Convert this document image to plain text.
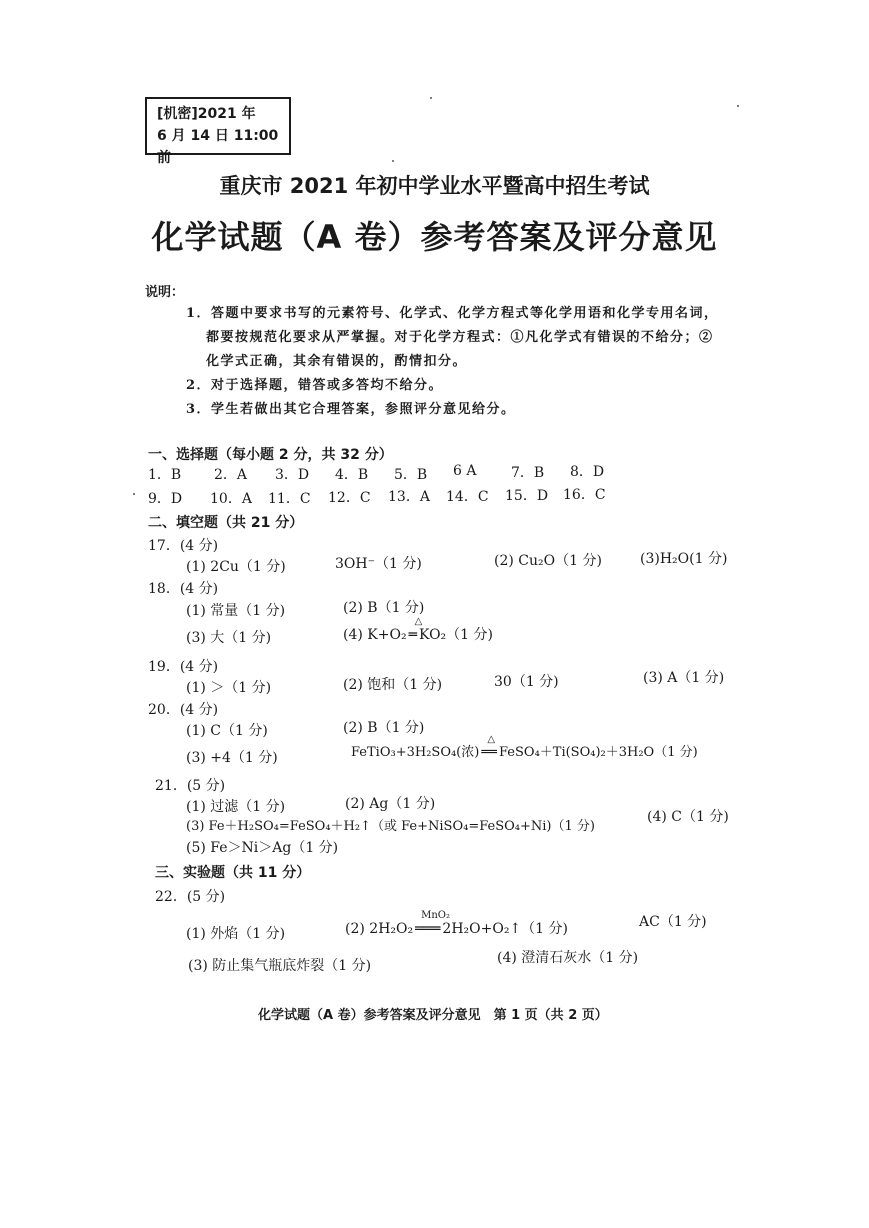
[机密]2021 年
6 月 14 日 11:00 前
重庆市 2021 年初中学业水平暨高中招生考试
化学试题（A 卷）参考答案及评分意见
说明：
1．答题中要求书写的元素符号、化学式、化学方程式等化学用语和化学专用名词，
都要按规范化要求从严掌握。对于化学方程式：①凡化学式有错误的不给分；②
化学式正确，其余有错误的，酌情扣分。
2．对于选择题，错答或多答均不给分。
3．学生若做出其它合理答案，参照评分意见给分。
一、选择题（每小题 2 分，共 32 分）
1．B 2．A 3．D 4．B 5．B 6 A 7．B 8．D
9．D 10．A 11．C 12．C 13．A 14．C 15．D 16．C
二、填空题（共 21 分）
17．(4 分)
(1) 2Cu（1 分)	3OH⁻（1 分)	(2) Cu₂O（1 分)	(3)H₂O(1 分)
18．(4 分)
(1) 常量（1 分)	(2) B（1 分)
(3) 大（1 分)	(4) K+O₂
△
═ KO₂（1 分)
19．(4 分)
(1) ＞（1 分)	(2) 饱和（1 分)	30（1 分)	(3) A（1 分)
20．(4 分)
(1) C（1 分)	(2) B（1 分)
(3) +4（1 分)	FeTiO₃+3H₂SO₄(浓)
△
══ FeSO₄＋Ti(SO₄)₂＋3H₂O（1 分)
21．(5 分)
(1) 过滤（1 分)	(2) Ag（1 分)
(3) Fe＋H₂SO₄=FeSO₄＋H₂↑（或 Fe+NiSO₄=FeSO₄+Ni)（1 分)
(4) C（1 分)
(5) Fe＞Ni＞Ag（1 分)
三、实验题（共 11 分）
22．(5 分)
(1) 外焰（1 分)	(2) 2H₂O₂
MnO₂
═══ 2H₂O+O₂↑（1 分)	AC（1 分)
(3) 防止集气瓶底炸裂（1 分)	(4) 澄清石灰水（1 分)
化学试题（A 卷）参考答案及评分意见　第 1 页（共 2 页）
